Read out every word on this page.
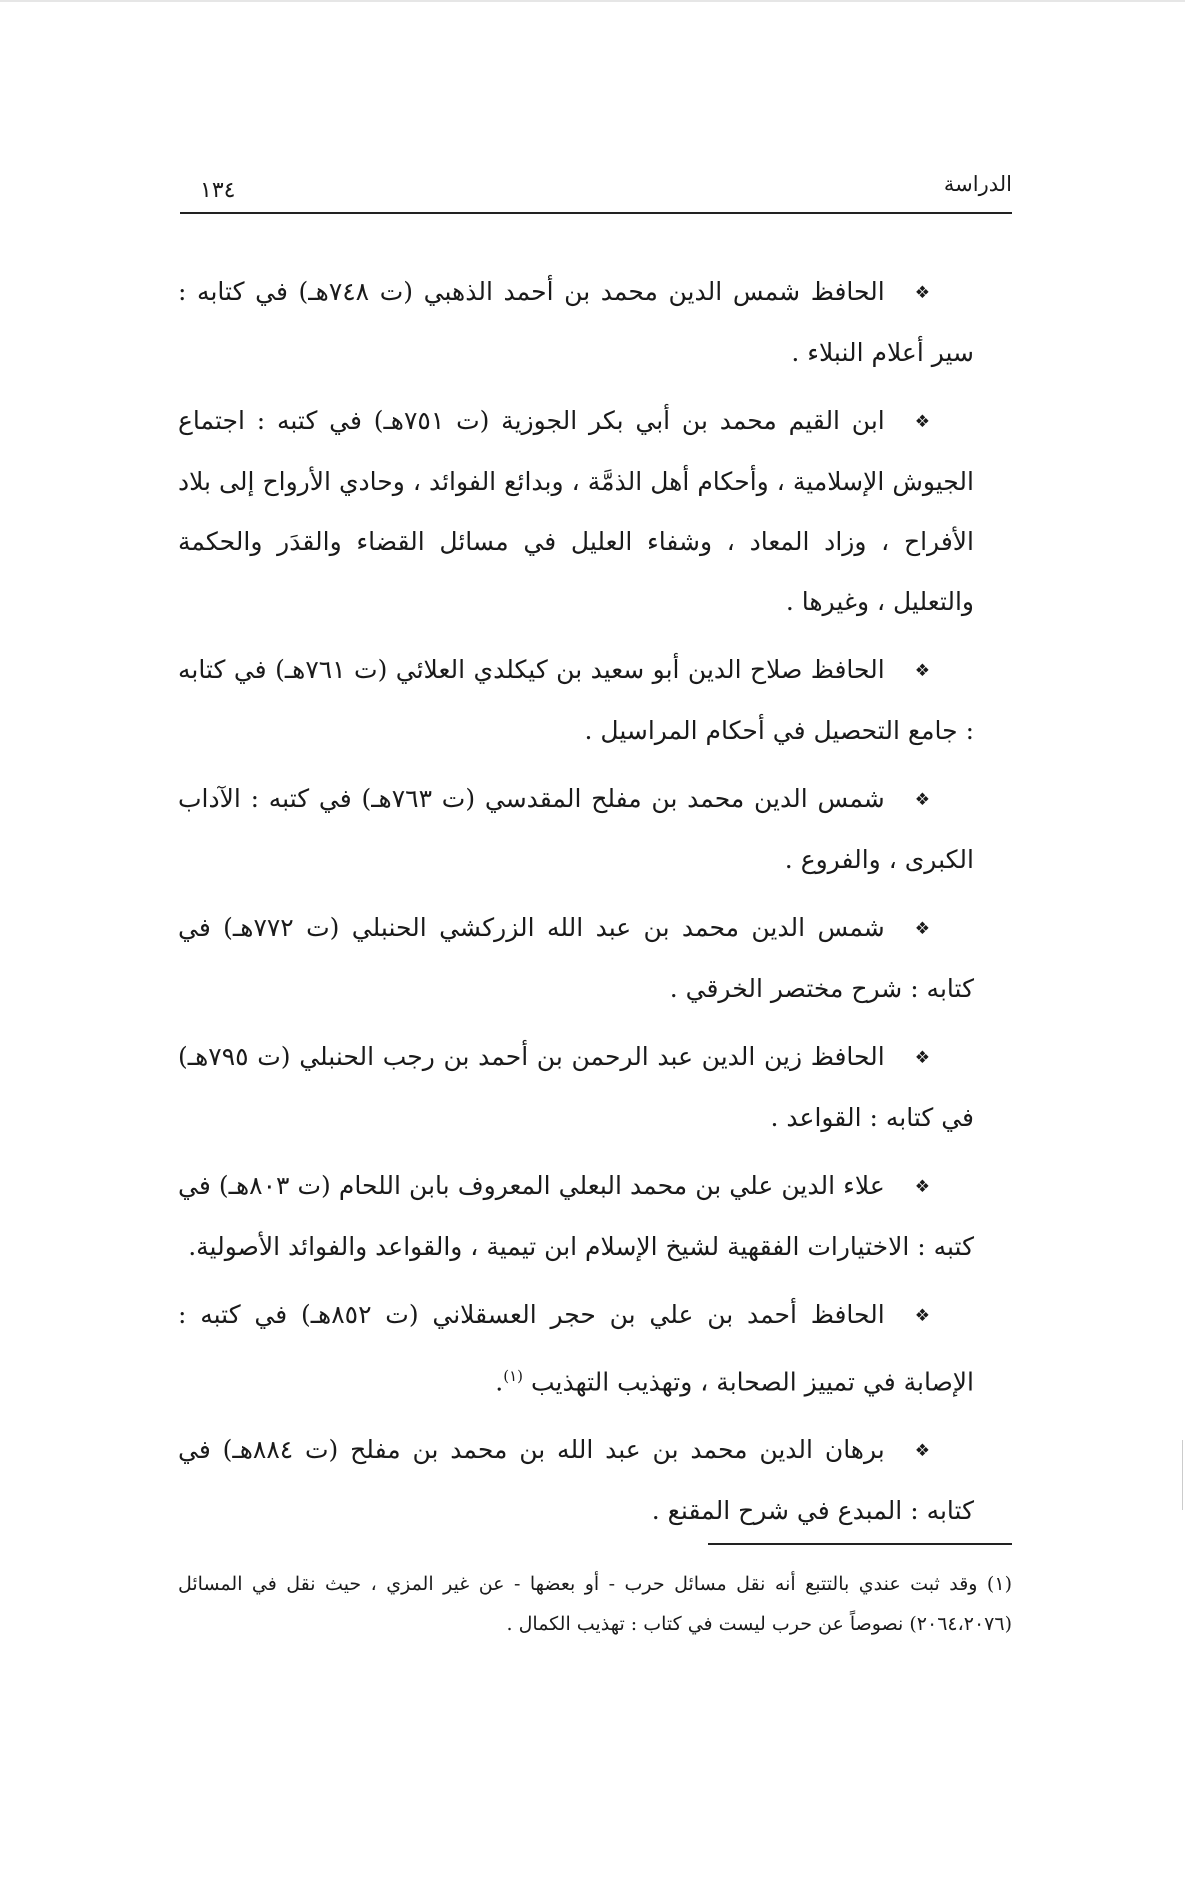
الدراسة
١٣٤

❖الحافظ شمس الدين محمد بن أحمد الذهبي (ت ٧٤٨هـ) في كتابه : سير أعلام النبلاء .

❖ابن القيم محمد بن أبي بكر الجوزية (ت ٧٥١هـ) في كتبه : اجتماع الجيوش الإسلامية ، وأحكام أهل الذمَّة ، وبدائع الفوائد ، وحادي الأرواح إلى بلاد الأفراح ، وزاد المعاد ، وشفاء العليل في مسائل القضاء والقدَر والحكمة والتعليل ، وغيرها .

❖الحافظ صلاح الدين أبو سعيد بن كيكلدي العلائي (ت ٧٦١هـ) في كتابه : جامع التحصيل في أحكام المراسيل .

❖شمس الدين محمد بن مفلح المقدسي (ت ٧٦٣هـ) في كتبه : الآداب الكبرى ، والفروع .

❖شمس الدين محمد بن عبد الله الزركشي الحنبلي (ت ٧٧٢هـ) في كتابه : شرح مختصر الخرقي .

❖الحافظ زين الدين عبد الرحمن بن أحمد بن رجب الحنبلي (ت ٧٩٥هـ) في كتابه : القواعد .

❖علاء الدين علي بن محمد البعلي المعروف بابن اللحام (ت ٨٠٣هـ) في كتبه : الاختيارات الفقهية لشيخ الإسلام ابن تيمية ، والقواعد والفوائد الأصولية.

❖الحافظ أحمد بن علي بن حجر العسقلاني (ت ٨٥٢هـ) في كتبه : الإصابة في تمييز الصحابة ، وتهذيب التهذيب $^{(١)}$.

❖برهان الدين محمد بن عبد الله بن محمد بن مفلح (ت ٨٨٤هـ) في كتابه : المبدع في شرح المقنع .

(١) وقد ثبت عندي بالتتبع أنه نقل مسائل حرب - أو بعضها - عن غير المزي ، حيث نقل في المسائل (٢٠٦٤،٢٠٧٦) نصوصاً عن حرب ليست في كتاب : تهذيب الكمال .
